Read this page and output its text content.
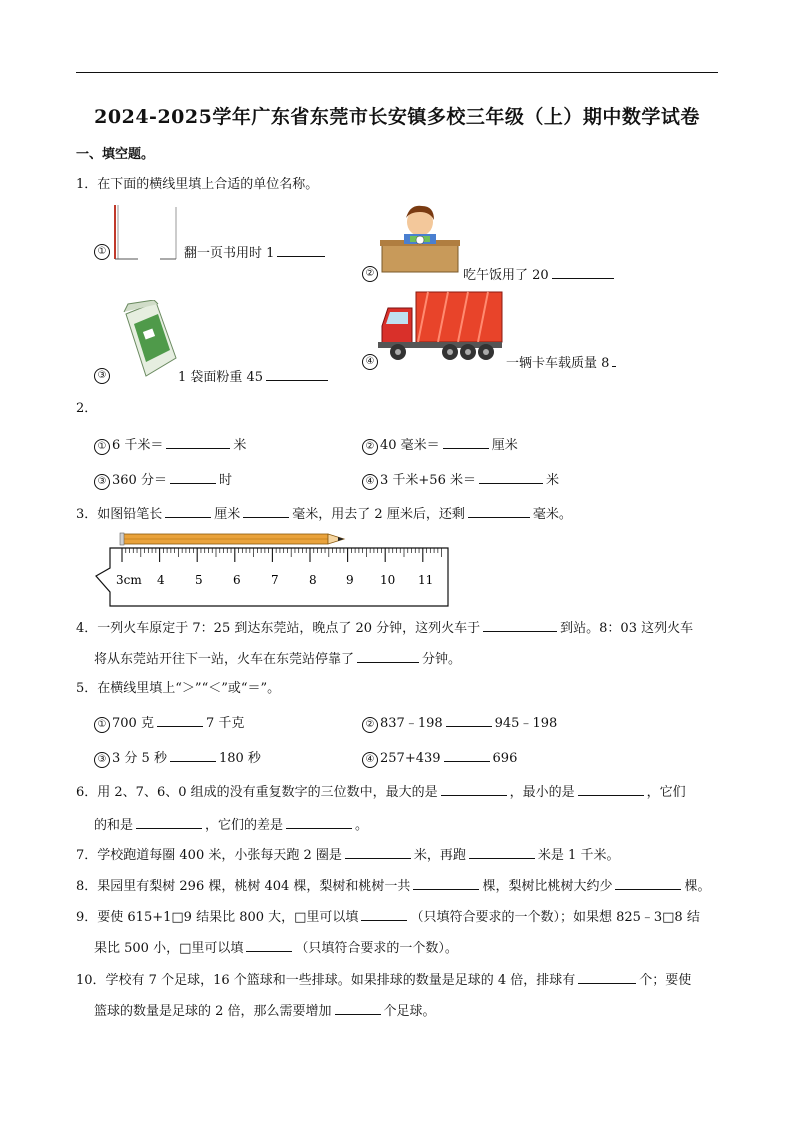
2024-2025学年广东省东莞市长安镇多校三年级（上）期中数学试卷
一、填空题。
1．在下面的横线里填上合适的单位名称。
①	翻一页书用时 1
②	吃午饭用了 20
③	1 袋面粉重 45
④	一辆卡车载质量 8
2．
① 6 千米＝	米	② 40 毫米＝	厘米
③ 360 分＝	时	④ 3 千米+56 米＝	米
3．如图铅笔长	厘米	毫米，用去了 2 厘米后，还剩	毫米。
3cm 4	5	6	7	8 9 10 11
4．一列火车原定于 7：25 到达东莞站，晚点了 20 分钟，这列火车于	到站。8：03 这列火车
将从东莞站开往下一站，火车在东莞站停靠了	分钟。
5．在横线里填上“＞”“＜”或“＝”。
① 700 克	7 千克	② 837﹣198	945﹣198
③ 3 分 5 秒	180 秒	④ 257+439	696
6．用 2、7、6、0 组成的没有重复数字的三位数中，最大的是	，最小的是	，它们
的和是	，它们的差是	。
7．学校跑道每圈 400 米，小张每天跑 2 圈是	米，再跑	米是 1 千米。
8．果园里有梨树 296 棵，桃树 404 棵，梨树和桃树一共	棵，梨树比桃树大约少	棵。
9．要使 615+1□9 结果比 800 大，□里可以填	（只填符合要求的一个数）；如果想 825﹣3□8 结
果比 500 小，□里可以填	（只填符合要求的一个数）。
10．学校有 7 个足球，16 个篮球和一些排球。如果排球的数量是足球的 4 倍，排球有	个；要使
篮球的数量是足球的 2 倍，那么需要增加	个足球。
